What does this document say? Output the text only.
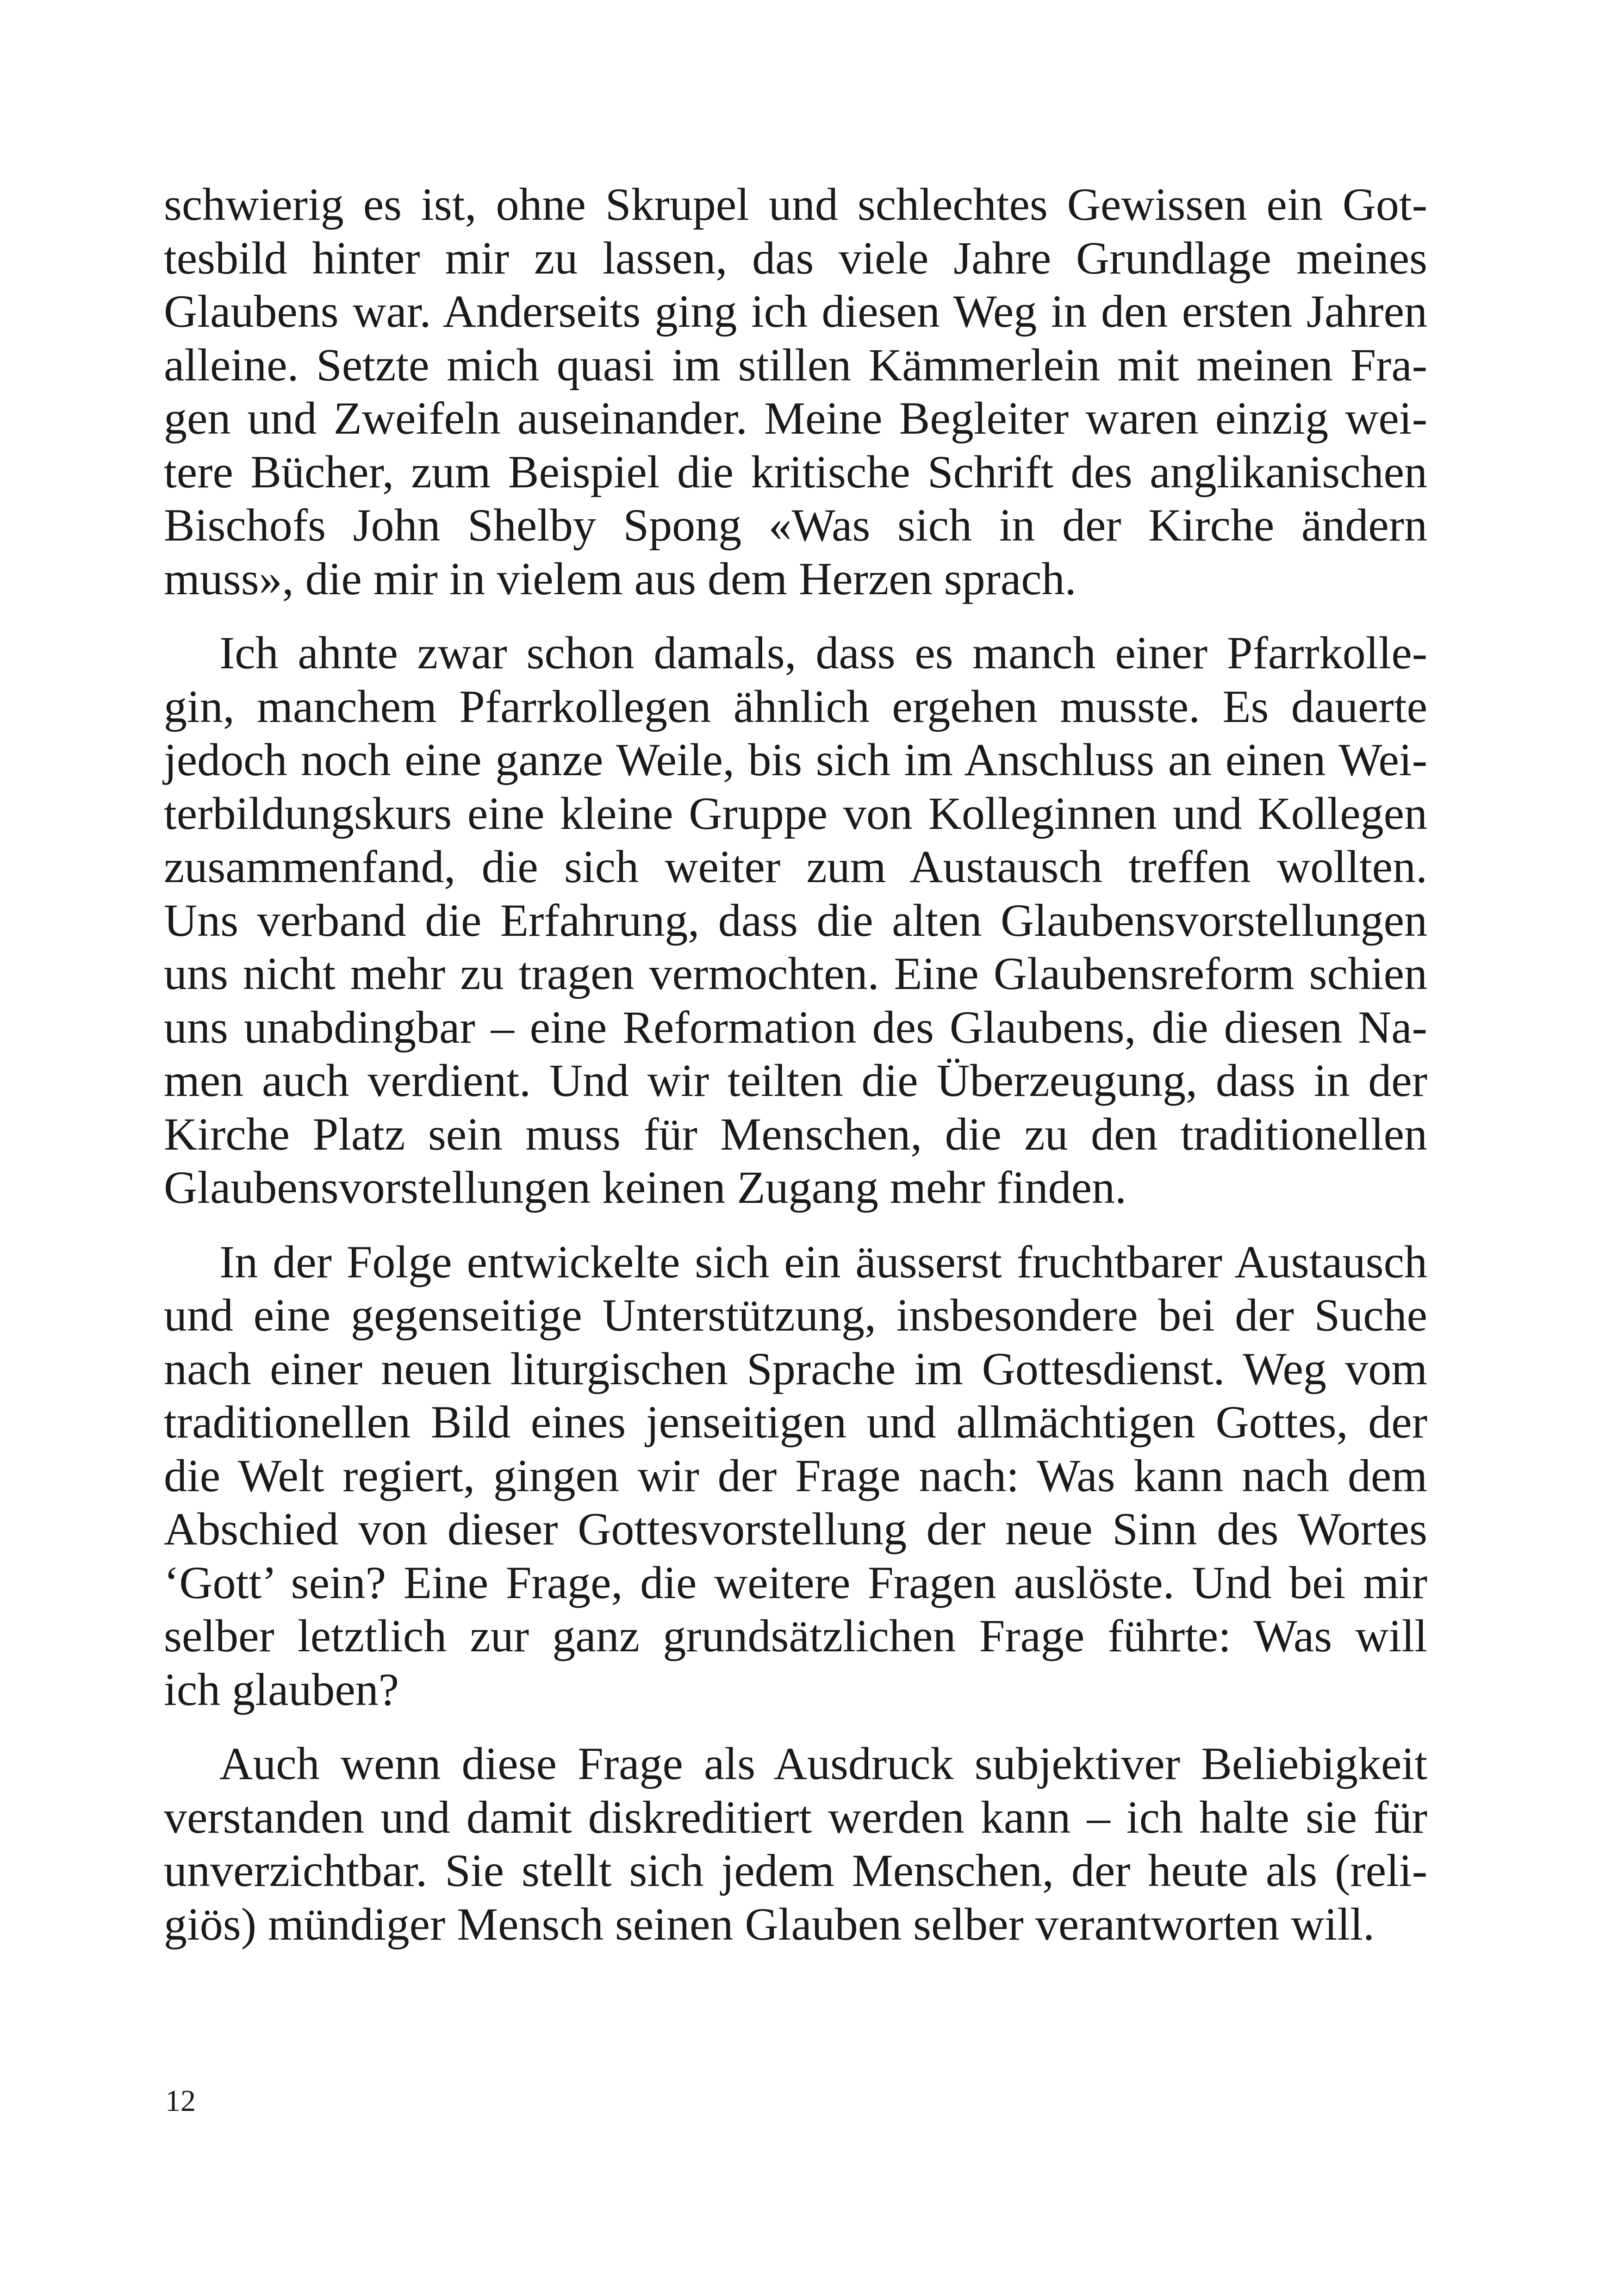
schwierig es ist, ohne Skrupel und schlechtes Gewissen ein Got-
tesbild hinter mir zu lassen, das viele Jahre Grundlage meines
Glaubens war. Anderseits ging ich diesen Weg in den ersten Jahren
alleine. Setzte mich quasi im stillen Kämmerlein mit meinen Fra-
gen und Zweifeln auseinander. Meine Begleiter waren einzig wei-
tere Bücher, zum Beispiel die kritische Schrift des anglikanischen
Bischofs John Shelby Spong «Was sich in der Kirche ändern
muss», die mir in vielem aus dem Herzen sprach.

Ich ahnte zwar schon damals, dass es manch einer Pfarrkolle-
gin, manchem Pfarrkollegen ähnlich ergehen musste. Es dauerte
jedoch noch eine ganze Weile, bis sich im Anschluss an einen Wei-
terbildungskurs eine kleine Gruppe von Kolleginnen und Kollegen
zusammenfand, die sich weiter zum Austausch treffen wollten.
Uns verband die Erfahrung, dass die alten Glaubensvorstellungen
uns nicht mehr zu tragen vermochten. Eine Glaubensreform schien
uns unabdingbar – eine Reformation des Glaubens, die diesen Na-
men auch verdient. Und wir teilten die Überzeugung, dass in der
Kirche Platz sein muss für Menschen, die zu den traditionellen
Glaubensvorstellungen keinen Zugang mehr finden.

In der Folge entwickelte sich ein äusserst fruchtbarer Austausch
und eine gegenseitige Unterstützung, insbesondere bei der Suche
nach einer neuen liturgischen Sprache im Gottesdienst. Weg vom
traditionellen Bild eines jenseitigen und allmächtigen Gottes, der
die Welt regiert, gingen wir der Frage nach: Was kann nach dem
Abschied von dieser Gottesvorstellung der neue Sinn des Wortes
‘Gott’ sein? Eine Frage, die weitere Fragen auslöste. Und bei mir
selber letztlich zur ganz grundsätzlichen Frage führte: Was will
ich glauben?

Auch wenn diese Frage als Ausdruck subjektiver Beliebigkeit
verstanden und damit diskreditiert werden kann – ich halte sie für
unverzichtbar. Sie stellt sich jedem Menschen, der heute als (reli-
giös) mündiger Mensch seinen Glauben selber verantworten will.

12
